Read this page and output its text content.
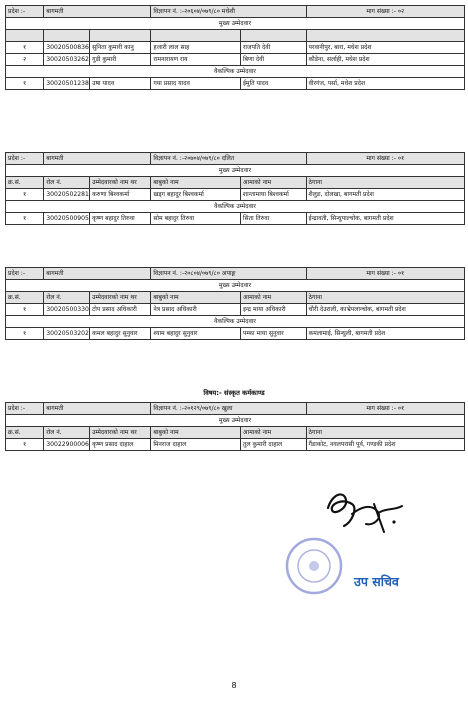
प्रदेश :-	बागमती		विज्ञापन नं. :-२०६०४/०७९/८० मधेशी		माग संख्या :- ०२
मुख्य उम्मेदवार					

१	30020500836	सुनिता कुमारी कानु	हजारी लाल साह	राजपति देवी	परवानीपुर, बारा, मधेश प्रदेश
२	30020503262	गुडी कुमारी	रामनारायण राय	बिणा देवी	कौडेना, सर्लाही, मधेश प्रदेश
वैकल्पिक उम्मेदवार					
१	30020501238	उषा यादव	गया प्रसाद यादव	ईमुति यादव	वीरगंज, पर्सा, मधेश प्रदेश
प्रदेश :-	बागमती		विज्ञापन नं. :-२०७०४/०७९/८० दलित		माग संख्या :- ०१
मुख्य उम्मेदवार					
क्र.सं.	रोल नं.	उम्मेदवारको नाम थर	बाबुको नाम	आमाको नाम	ठेगाना
१	30020502281	करुणा बिश्वकर्मा	खड्ग बहादुर बिश्वकर्मा	शान्तामाया बिश्वकर्मा	शैलुङ, दोलखा, बागमती प्रदेश
वैकल्पिक उम्मेदवार					
१	30020500905	कृष्ण बहादुर तिरुवा	सोम बहादुर तिरुवा	सिता तिरुवा	ईन्द्रावती, सिन्धुपाल्चोक, बागमती प्रदेश
प्रदेश :-	बागमती		विज्ञापन नं. :-२०८०४/०७९/८० अपाङ्ग		माग संख्या :- ०१
मुख्य उम्मेदवार					
क्र.सं.	रोल नं.	उम्मेदवारको नाम थर	बाबुको नाम	आमाको नाम	ठेगाना
१	30020500330	टोप प्रसाद अधिकारी	नेत्र प्रसाद अधिकारी	इन्द्र माया अधिकारी	चौरी देउराली, काभ्रेपलान्चोक, बागमती प्रदेश
वैकल्पिक उम्मेदवार					
१	30020503202	कमल बहादुर सुनुवार	श्याम बहादुर सुनुवार	पम्फा माया सुनुवार	कमलामाई, सिन्धुली, बागमती प्रदेश
विषय:- संस्कृत कर्मकाण्ड
प्रदेश :-	बागमती		विज्ञापन नं. :-२०१२९/०७९/८० खुला		माग संख्या :- ०१
मुख्य उम्मेदवार					
क्र.सं.	रोल नं.	उम्मेदवारको नाम थर	बाबुको नाम	आमाको नाम	ठेगाना
१	30022900006	कृष्ण प्रसाद दाहाल	मिनराज दाहाल	तुल कुमारी दाहाल	गैंडाकोट, नवलपरासी पूर्व, गण्डकी प्रदेश
उप सचिव
8
